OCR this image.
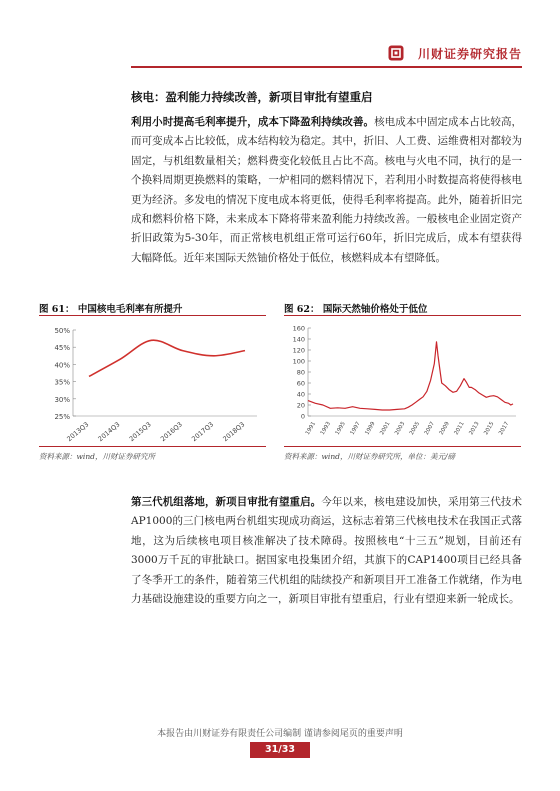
川财证券研究报告
核电：盈利能力持续改善，新项目审批有望重启
利用小时提高毛利率提升，成本下降盈利持续改善。核电成本中固定成本占比较高，而可变成本占比较低，成本结构较为稳定。其中，折旧、人工费、运维费相对都较为固定，与机组数量相关；燃料费变化较低且占比不高。核电与火电不同，执行的是一个换料周期更换燃料的策略，一炉相同的燃料情况下，若利用小时数提高将使得核电更为经济。多发电的情况下度电成本将更低，使得毛利率将提高。此外，随着折旧完成和燃料价格下降，未来成本下降将带来盈利能力持续改善。一般核电企业固定资产折旧政策为5-30年，而正常核电机组正常可运行60年，折旧完成后，成本有望获得大幅降低。近年来国际天然铀价格处于低位，核燃料成本有望降低。
图 61： 中国核电毛利率有所提升	图 62： 国际天然铀价格处于低位
50%
45%
40%
35%
30%
25%
2013Q3 2014Q3 2015Q3 2016Q3 2017Q3 2018Q3
160
140
120
100
80
60
40
20
0
1991 1993 1995 1997 1999 2001 2003 2005 2007 2009 2011 2013 2015 2017
资料来源：wind，川财证券研究所	资料来源：wind，川财证券研究所，单位：美元/磅
第三代机组落地，新项目审批有望重启。今年以来，核电建设加快，采用第三代技术AP1000的三门核电两台机组实现成功商运，这标志着第三代核电技术在我国正式落地，这为后续核电项目核准解决了技术障碍。按照核电“十三五”规划，目前还有3000万千瓦的审批缺口。据国家电投集团介绍，其旗下的CAP1400项目已经具备了冬季开工的条件，随着第三代机组的陆续投产和新项目开工准备工作就绪，作为电力基础设施建设的重要方向之一，新项目审批有望重启，行业有望迎来新一轮成长。
本报告由川财证券有限责任公司编制 谨请参阅尾页的重要声明
31/33
